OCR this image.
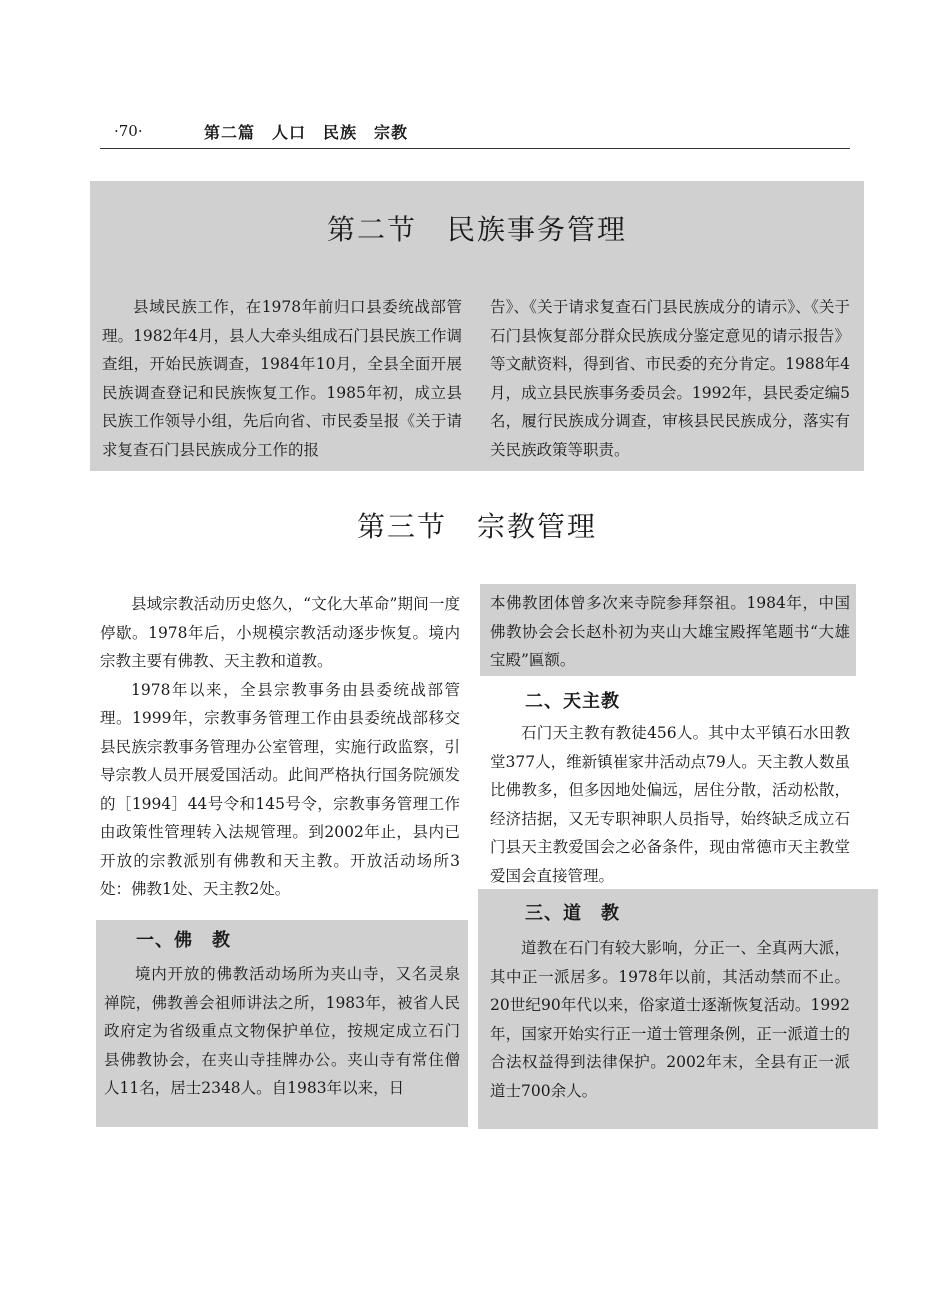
·70·	第二篇　人口　民族　宗教
第二节　民族事务管理

县域民族工作，在1978年前归口县委统战部管理。1982年4月，县人大牵头组成石门县民族工作调查组，开始民族调查，1984年10月，全县全面开展民族调查登记和民族恢复工作。1985年初，成立县民族工作领导小组，先后向省、市民委呈报《关于请求复查石门县民族成分工作的报

告》、《关于请求复查石门县民族成分的请示》、《关于石门县恢复部分群众民族成分鉴定意见的请示报告》等文献资料，得到省、市民委的充分肯定。1988年4月，成立县民族事务委员会。1992年，县民委定编5名，履行民族成分调查，审核县民民族成分，落实有关民族政策等职责。

第三节　宗教管理

县域宗教活动历史悠久，“文化大革命”期间一度停歇。1978年后，小规模宗教活动逐步恢复。境内宗教主要有佛教、天主教和道教。

1978年以来，全县宗教事务由县委统战部管理。1999年，宗教事务管理工作由县委统战部移交县民族宗教事务管理办公室管理，实施行政监察，引导宗教人员开展爱国活动。此间严格执行国务院颁发的［1994］44号令和145号令，宗教事务管理工作由政策性管理转入法规管理。到2002年止，县内已开放的宗教派别有佛教和天主教。开放活动场所3处：佛教1处、天主教2处。

一、佛　教

境内开放的佛教活动场所为夹山寺，又名灵泉禅院，佛教善会祖师讲法之所，1983年，被省人民政府定为省级重点文物保护单位，按规定成立石门县佛教协会，在夹山寺挂牌办公。夹山寺有常住僧人11名，居士2348人。自1983年以来，日

本佛教团体曾多次来寺院参拜祭祖。1984年，中国佛教协会会长赵朴初为夹山大雄宝殿挥笔题书“大雄宝殿”匾额。

二、天主教

石门天主教有教徒456人。其中太平镇石水田教堂377人，维新镇崔家井活动点79人。天主教人数虽比佛教多，但多因地处偏远，居住分散，活动松散，经济拮据，又无专职神职人员指导，始终缺乏成立石门县天主教爱国会之必备条件，现由常德市天主教堂爱国会直接管理。

三、道　教

道教在石门有较大影响，分正一、全真两大派，其中正一派居多。1978年以前，其活动禁而不止。20世纪90年代以来，俗家道士逐渐恢复活动。1992年，国家开始实行正一道士管理条例，正一派道士的合法权益得到法律保护。2002年末，全县有正一派道士700余人。
